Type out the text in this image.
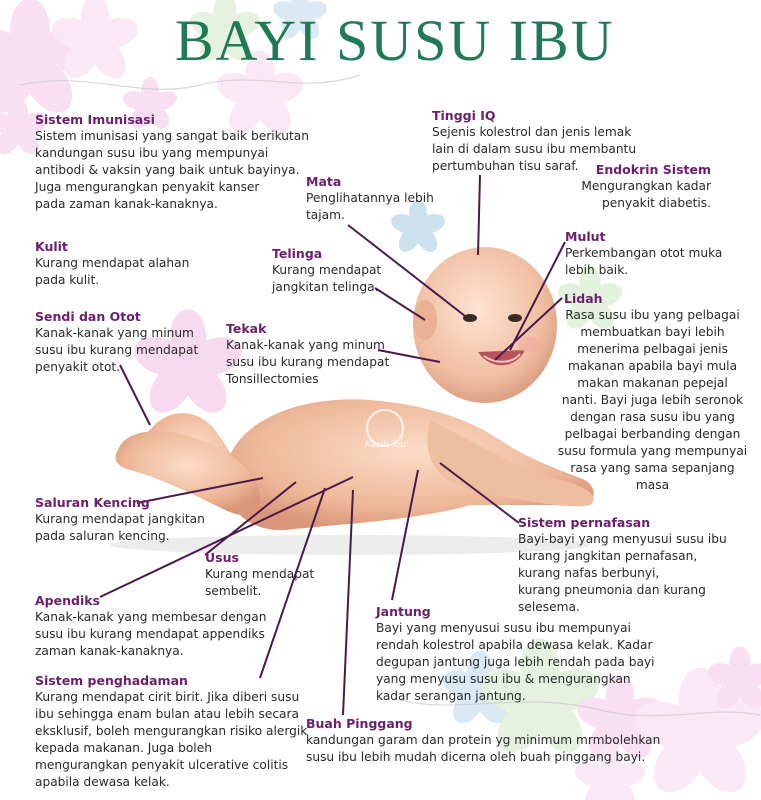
BAYI SUSU IBU
Kasih Ibu
Sistem Imunisasi
Sistem imunisasi yang sangat baik berikutan
kandungan susu ibu yang mempunyai
antibodi & vaksin yang baik untuk bayinya.
Juga mengurangkan penyakit kanser
pada zaman kanak-kanaknya.
Tinggi IQ
Sejenis kolestrol dan jenis lemak
lain di dalam susu ibu membantu
pertumbuhan tisu saraf.	Endokrin Sistem
Mengurangkan kadar
penyakit diabetis.
Mata
Penglihatannya lebih
tajam.
Kulit
Kurang mendapat alahan
pada kulit.
Telinga
Kurang mendapat
jangkitan telinga.
Mulut
Perkembangan otot muka
lebih baik.
Sendi dan Otot
Kanak-kanak yang minum
susu ibu kurang mendapat
penyakit otot.
Tekak
Kanak-kanak yang minum
susu ibu kurang mendapat
Tonsillectomies
Lidah
Rasa susu ibu yang pelbagai
membuatkan bayi lebih
menerima pelbagai jenis
makanan apabila bayi mula
makan makanan pepejal
nanti. Bayi juga lebih seronok
dengan rasa susu ibu yang
pelbagai berbanding dengan
susu formula yang mempunyai
rasa yang sama sepanjang masa
Saluran Kencing
Kurang mendapat jangkitan
pada saluran kencing.
Sistem pernafasan
Bayi-bayi yang menyusui susu ibu
kurang jangkitan pernafasan,
kurang nafas berbunyi,
kurang pneumonia dan kurang
selesema.
Usus
Kurang mendapat
sembelit.
Apendiks
Kanak-kanak yang membesar dengan
susu ibu kurang mendapat appendiks
zaman kanak-kanaknya.
Jantung
Bayi yang menyusui susu ibu mempunyai
rendah kolestrol apabila dewasa kelak. Kadar
degupan jantung juga lebih rendah pada bayi
yang menyusu susu ibu & mengurangkan
kadar serangan jantung.
Sistem penghadaman
Kurang mendapat cirit birit. Jika diberi susu
ibu sehingga enam bulan atau lebih secara
eksklusif, boleh mengurangkan risiko alergik
kepada makanan. Juga boleh
mengurangkan penyakit ulcerative colitis
apabila dewasa kelak.
Buah Pinggang
kandungan garam dan protein yg minimum mrmbolehkan
susu ibu lebih mudah dicerna oleh buah pinggang bayi.
